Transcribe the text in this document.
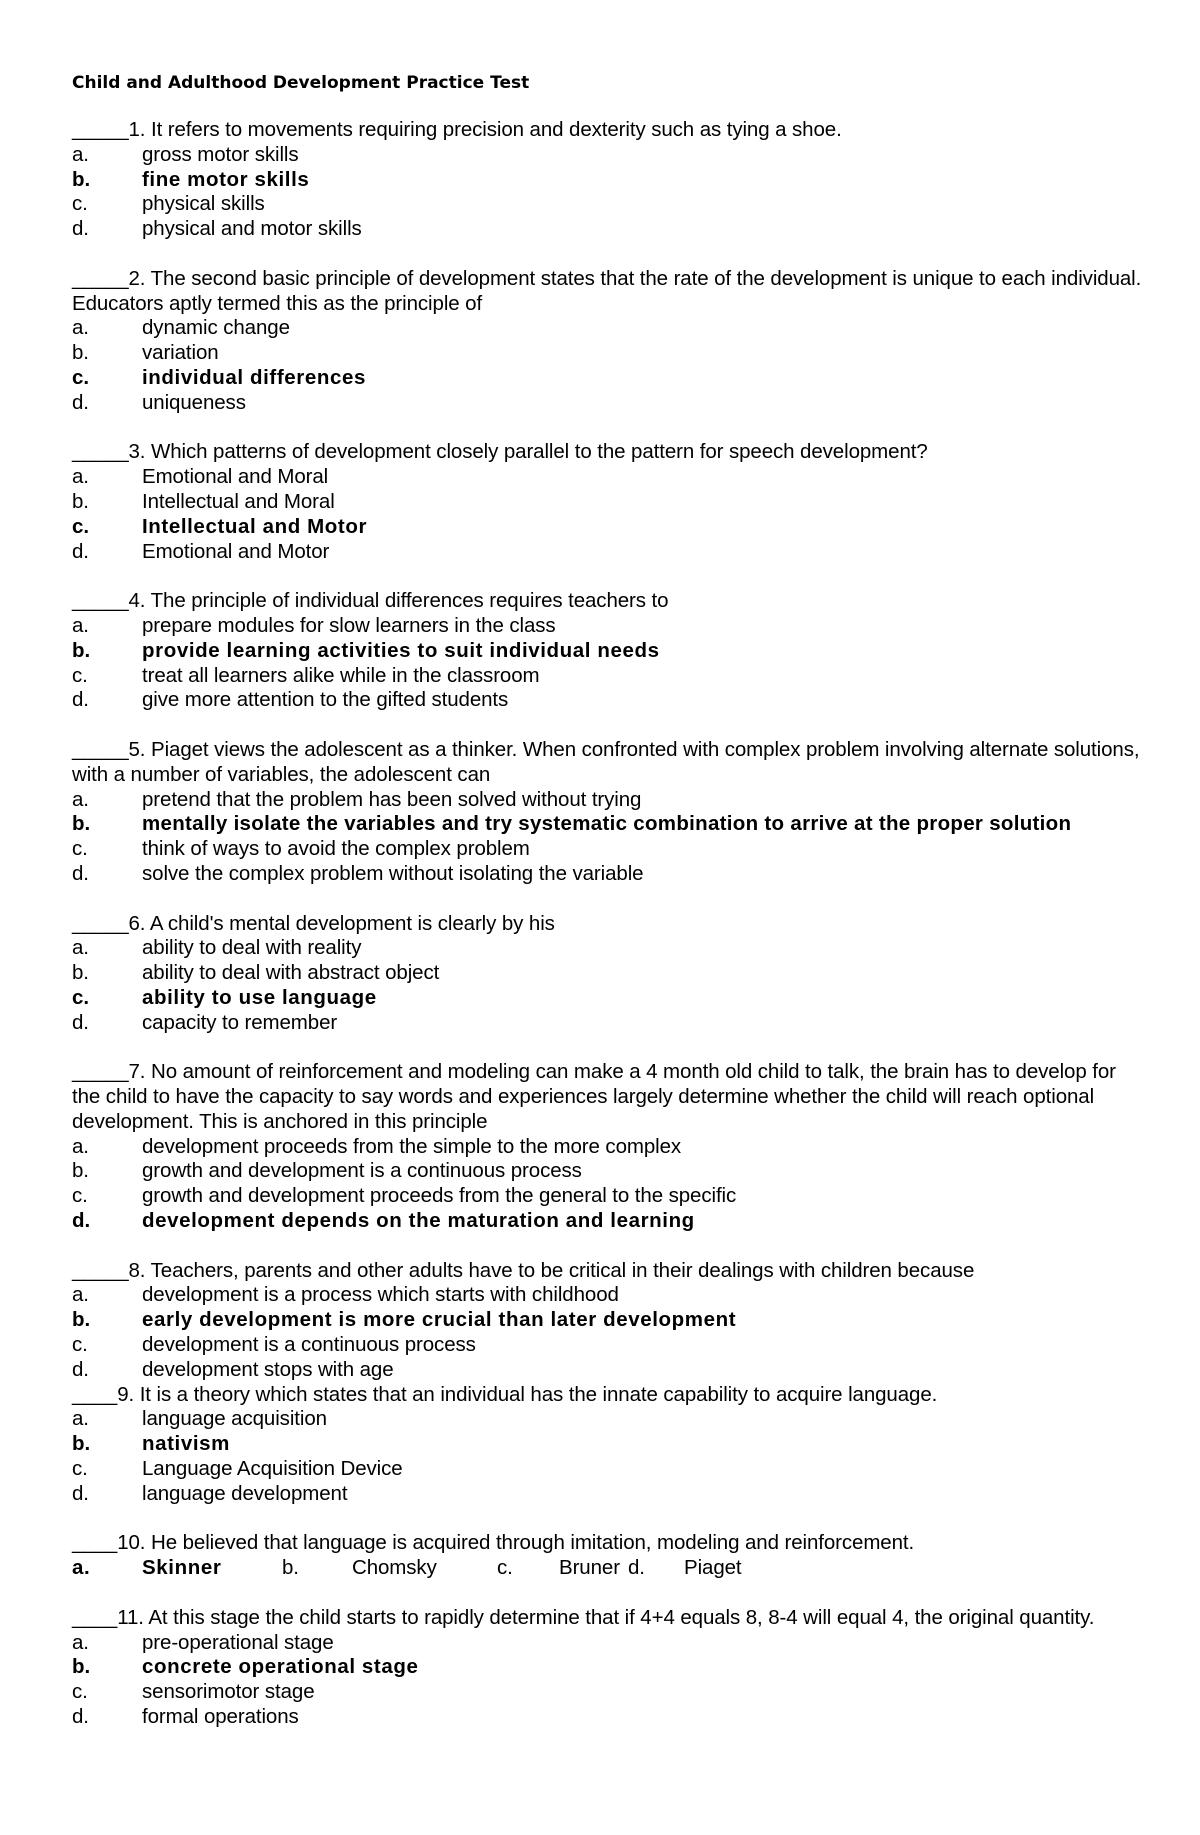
Child and Adulthood Development Practice Test
_____1. It refers to movements requiring precision and dexterity such as tying a shoe.
a.	gross motor skills
b.	fine motor skills
c.	physical skills
d.	physical and motor skills
_____2. The second basic principle of development states that the rate of the development is unique to each individual. Educators aptly termed this as the principle of
a.	dynamic change
b.	variation
c.	individual differences
d.	uniqueness
_____3. Which patterns of development closely parallel to the pattern for speech development?
a.	Emotional and Moral
b.	Intellectual and Moral
c.	Intellectual and Motor
d.	Emotional and Motor
_____4. The principle of individual differences requires teachers to
a.	prepare modules for slow learners in the class
b.	provide learning activities to suit individual needs
c.	treat all learners alike while in the classroom
d.	give more attention to the gifted students
_____5. Piaget views the adolescent as a thinker. When confronted with complex problem involving alternate solutions, with a number of variables, the adolescent can
a.	pretend that the problem has been solved without trying
b.	mentally isolate the variables and try systematic combination to arrive at the proper solution
c.	think of ways to avoid the complex problem
d.	solve the complex problem without isolating the variable
_____6. A child's mental development is clearly by his
a.	ability to deal with reality
b.	ability to deal with abstract object
c.	ability to use language
d.	capacity to remember
_____7. No amount of reinforcement and modeling can make a 4 month old child to talk, the brain has to develop for the child to have the capacity to say words and experiences largely determine whether the child will reach optional development. This is anchored in this principle
a.	development proceeds from the simple to the more complex
b.	growth and development is a continuous process
c.	growth and development proceeds from the general to the specific
d.	development depends on the maturation and learning
_____8. Teachers, parents and other adults have to be critical in their dealings with children because
a.	development is a process which starts with childhood
b.	early development is more crucial than later development
c.	development is a continuous process
d.	development stops with age
____9. It is a theory which states that an individual has the innate capability to acquire language.
a.	language acquisition
b.	nativism
c.	Language Acquisition Device
d.	language development
____10. He believed that language is acquired through imitation, modeling and reinforcement.
a.	Skinner	b.	Chomsky	c.	Bruner d.	Piaget
____11. At this stage the child starts to rapidly determine that if 4+4 equals 8, 8-4 will equal 4, the original quantity.
a.	pre-operational stage
b.	concrete operational stage
c.	sensorimotor stage
d.	formal operations
